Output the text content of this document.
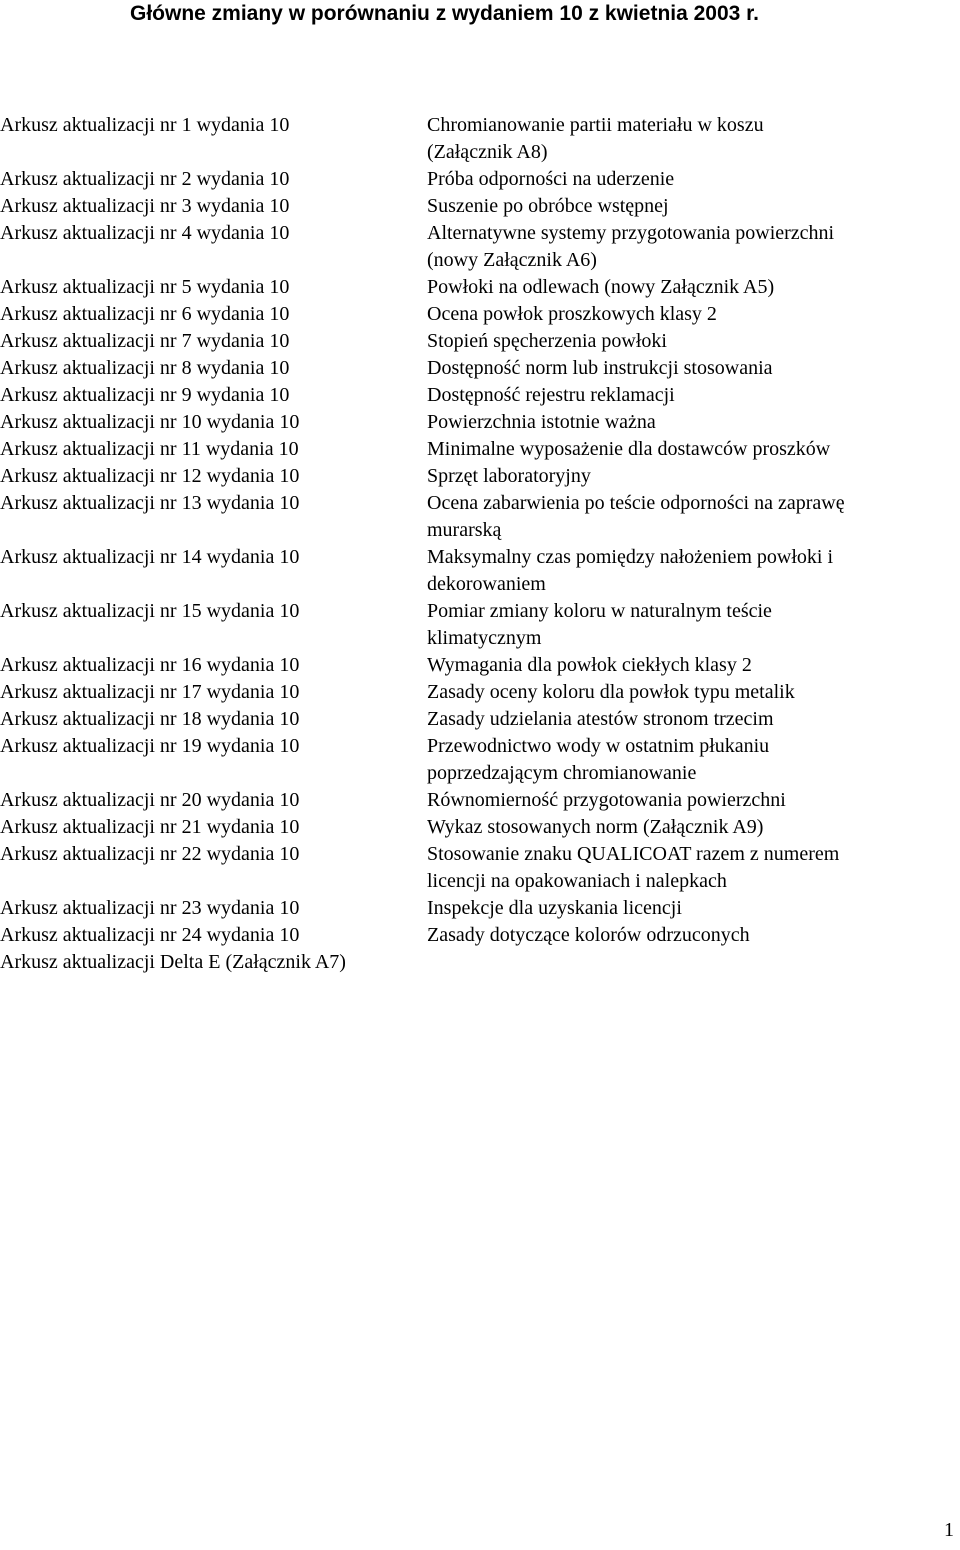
Główne zmiany w porównaniu z wydaniem 10 z kwietnia 2003 r.
Arkusz aktualizacji nr 1 wydania 10	Chromianowanie partii materiału w koszu
(Załącznik A8)
Arkusz aktualizacji nr 2 wydania 10	Próba odporności na uderzenie
Arkusz aktualizacji nr 3 wydania 10	Suszenie po obróbce wstępnej
Arkusz aktualizacji nr 4 wydania 10	Alternatywne systemy przygotowania powierzchni
(nowy Załącznik A6)
Arkusz aktualizacji nr 5 wydania 10	Powłoki na odlewach (nowy Załącznik A5)
Arkusz aktualizacji nr 6 wydania 10	Ocena powłok proszkowych klasy 2
Arkusz aktualizacji nr 7 wydania 10	Stopień spęcherzenia powłoki
Arkusz aktualizacji nr 8 wydania 10	Dostępność norm lub instrukcji stosowania
Arkusz aktualizacji nr 9 wydania 10	Dostępność rejestru reklamacji
Arkusz aktualizacji nr 10 wydania 10	Powierzchnia istotnie ważna
Arkusz aktualizacji nr 11 wydania 10	Minimalne wyposażenie dla dostawców proszków
Arkusz aktualizacji nr 12 wydania 10	Sprzęt laboratoryjny
Arkusz aktualizacji nr 13 wydania 10	Ocena zabarwienia po teście odporności na zaprawę
murarską
Arkusz aktualizacji nr 14 wydania 10	Maksymalny czas pomiędzy nałożeniem powłoki i
dekorowaniem
Arkusz aktualizacji nr 15 wydania 10	Pomiar zmiany koloru w naturalnym teście
klimatycznym
Arkusz aktualizacji nr 16 wydania 10	Wymagania dla powłok ciekłych klasy 2
Arkusz aktualizacji nr 17 wydania 10	Zasady oceny koloru dla powłok typu metalik
Arkusz aktualizacji nr 18 wydania 10	Zasady udzielania atestów stronom trzecim
Arkusz aktualizacji nr 19 wydania 10	Przewodnictwo wody w ostatnim płukaniu
poprzedzającym chromianowanie
Arkusz aktualizacji nr 20 wydania 10	Równomierność przygotowania powierzchni
Arkusz aktualizacji nr 21 wydania 10	Wykaz stosowanych norm (Załącznik A9)
Arkusz aktualizacji nr 22 wydania 10	Stosowanie znaku QUALICOAT razem z numerem
licencji na opakowaniach i nalepkach
Arkusz aktualizacji nr 23 wydania 10	Inspekcje dla uzyskania licencji
Arkusz aktualizacji nr 24 wydania 10	Zasady dotyczące kolorów odrzuconych
Arkusz aktualizacji Delta E (Załącznik A7)
1
